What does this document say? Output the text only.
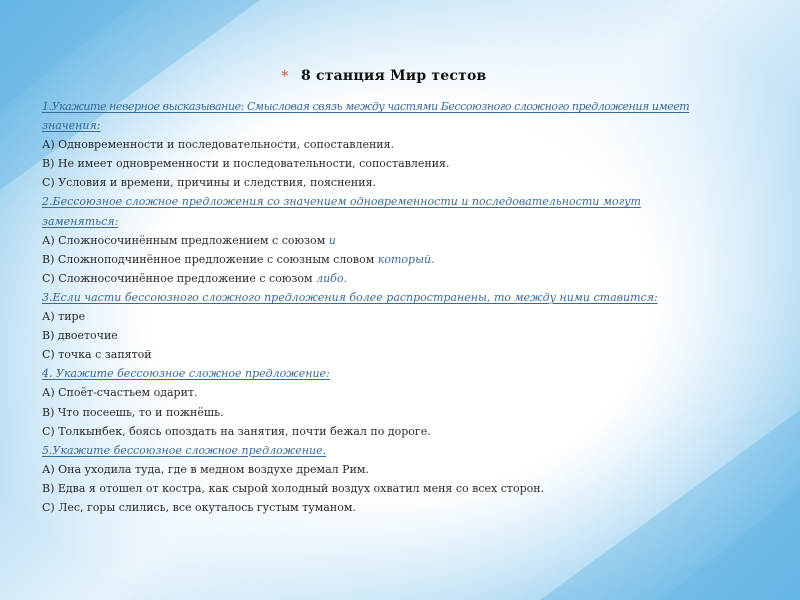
* 8 станция Мир тестов
1.Укажите неверное высказывание: Смысловая связь между частями Бессоюзного сложного предложения имеет
значения:
А) Одновременности и последовательности, сопоставления.
В) Не имеет одновременности и последовательности, сопоставления.
С) Условия и времени, причины и следствия, пояснения.
2.Бессоюзное сложное предложения со значением одновременности и последовательности могут
заменяться:
А) Сложносочинённым предложением с союзом и
В) Сложноподчинённое предложение с союзным словом который.
С) Сложносочинённое предложение с союзом либо.
3.Если части бессоюзного сложного предложения более распространены, то между ними ставится:
А) тире
В) двоеточие
С) точка с запятой
4. Укажите бессоюзное сложное предложение:
А) Споёт-счастьем одарит.
В) Что посеешь, то и пожнёшь.
С) Толкынбек, боясь опоздать на занятия, почти бежал по дороге.
5.Укажите бессоюзное сложное предложение.
А) Она уходила туда, где в медном воздухе дремал Рим.
В) Едва я отошел от костра, как сырой холодный воздух охватил меня со всех сторон.
С) Лес, горы слились, все окуталось густым туманом.
